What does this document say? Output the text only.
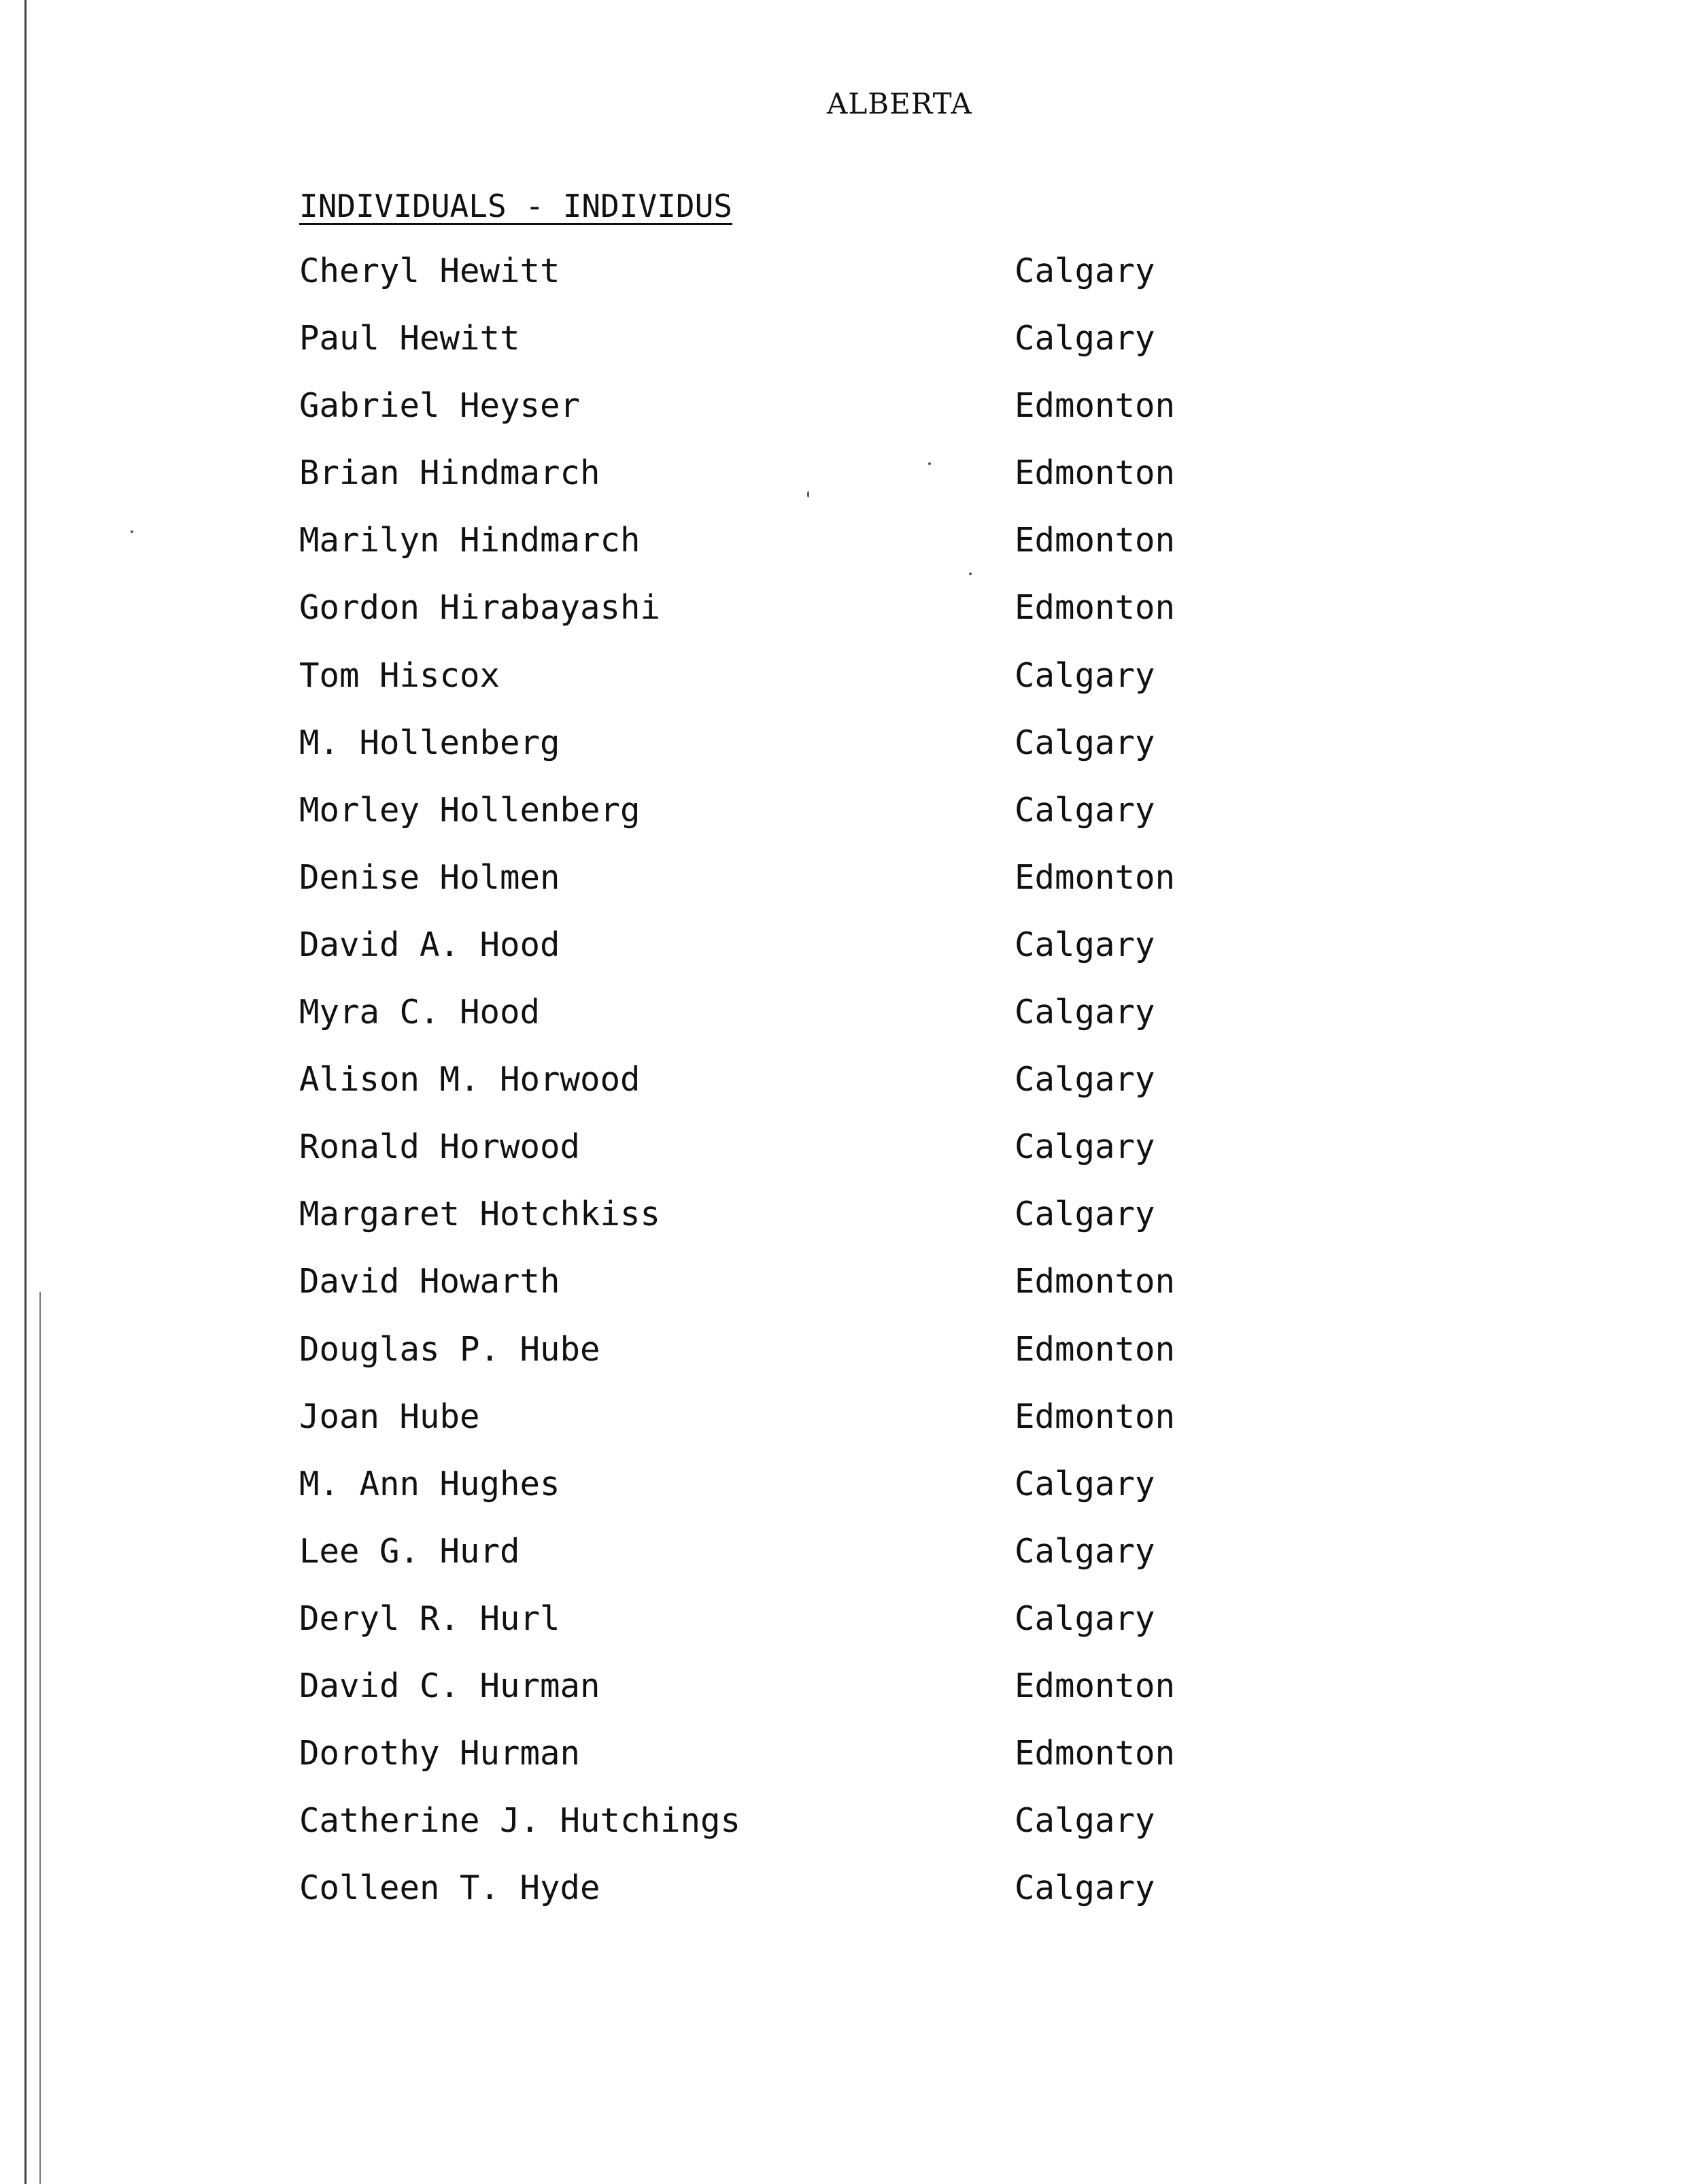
ALBERTA
INDIVIDUALS - INDIVIDUS
Cheryl Hewitt	Calgary
Paul Hewitt	Calgary
Gabriel Heyser	Edmonton
Brian Hindmarch	Edmonton
Marilyn Hindmarch	Edmonton
Gordon Hirabayashi	Edmonton
Tom Hiscox	Calgary
M. Hollenberg	Calgary
Morley Hollenberg	Calgary
Denise Holmen	Edmonton
David A. Hood	Calgary
Myra C. Hood	Calgary
Alison M. Horwood	Calgary
Ronald Horwood	Calgary
Margaret Hotchkiss	Calgary
David Howarth	Edmonton
Douglas P. Hube	Edmonton
Joan Hube	Edmonton
M. Ann Hughes	Calgary
Lee G. Hurd	Calgary
Deryl R. Hurl	Calgary
David C. Hurman	Edmonton
Dorothy Hurman	Edmonton
Catherine J. Hutchings	Calgary
Colleen T. Hyde	Calgary
